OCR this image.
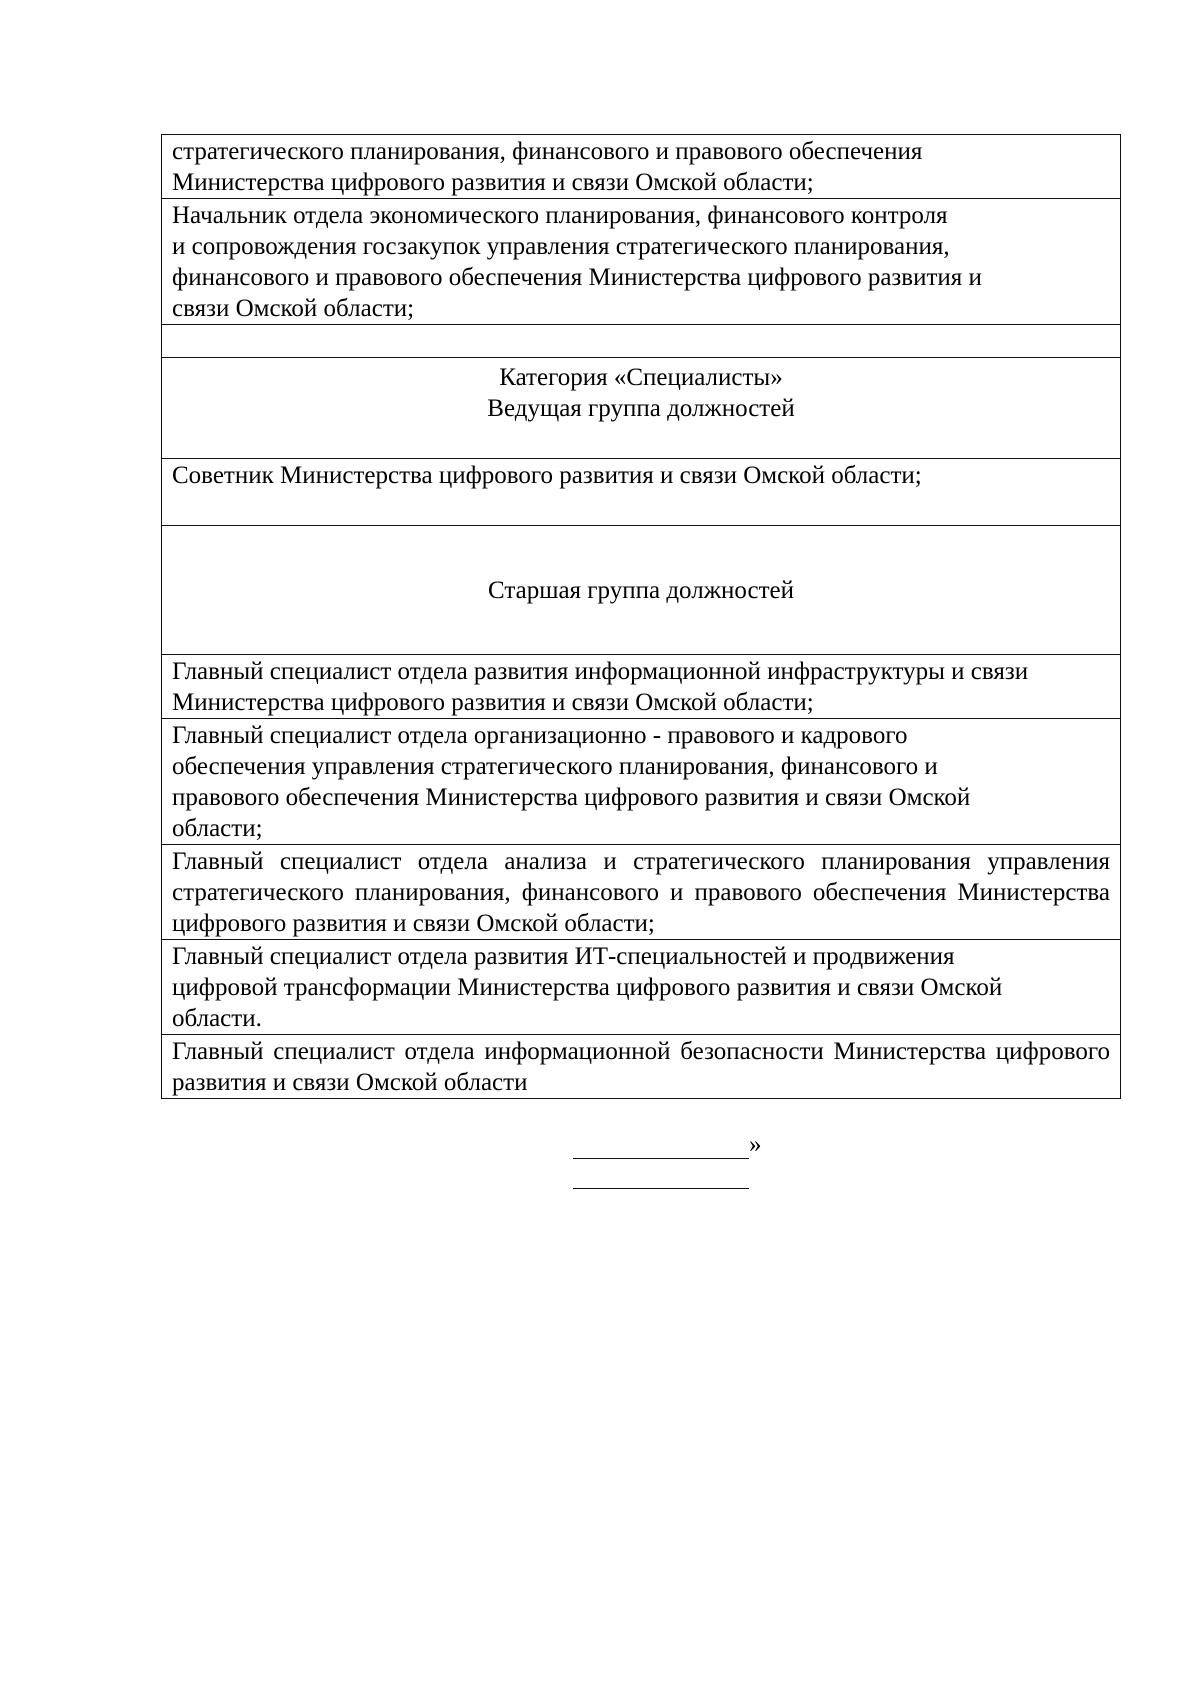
стратегического планирования, финансового и правового обеспечения
Министерства цифрового развития и связи Омской области;

Начальник отдела экономического планирования, финансового контроля
и сопровождения госзакупок управления стратегического планирования,
финансового и правового обеспечения Министерства цифрового развития и
связи Омской области;

Категория «Специалисты»
Ведущая группа должностей

Советник Министерства цифрового развития и связи Омской области;
Старшая группа должностей

Главный специалист отдела развития информационной инфраструктуры и связи
Министерства цифрового развития и связи Омской области;

Главный специалист отдела организационно - правового и кадрового
обеспечения управления стратегического планирования, финансового и
правового обеспечения Министерства цифрового развития и связи Омской
области;

Главный специалист отдела анализа и стратегического планирования управления стратегического планирования, финансового и правового обеспечения Министерства цифрового развития и связи Омской области;

Главный специалист отдела развития ИТ-специальностей и продвижения
цифровой трансформации Министерства цифрового развития и связи Омской
области.

Главный специалист отдела информационной безопасности Министерства цифрового развития и связи Омской области
»
